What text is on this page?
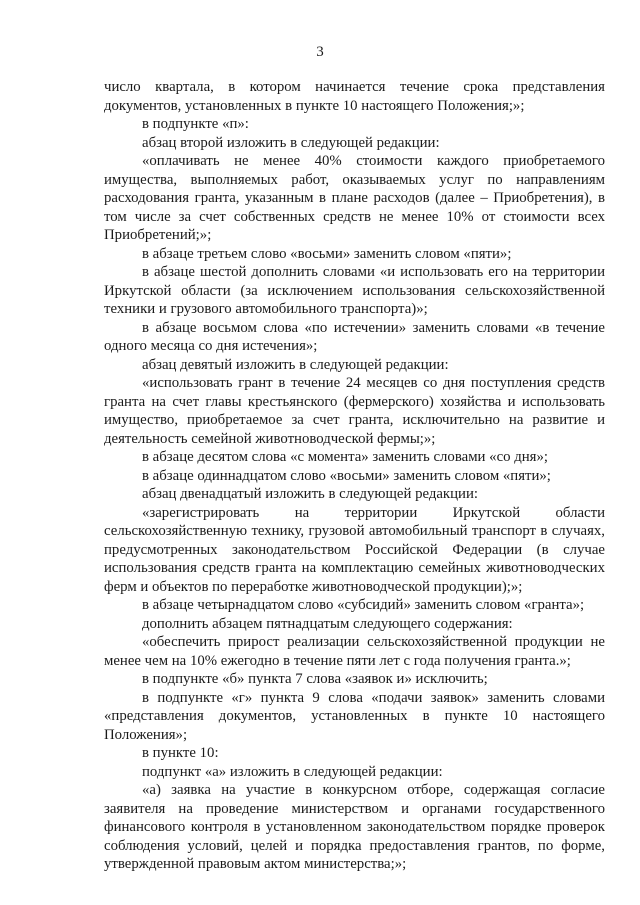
3

число квартала, в котором начинается течение срока представления документов, установленных в пункте 10 настоящего Положения;»;

в подпункте «п»:

абзац второй изложить в следующей редакции:

«оплачивать не менее 40% стоимости каждого приобретаемого имущества, выполняемых работ, оказываемых услуг по направлениям расходования гранта, указанным в плане расходов (далее – Приобретения), в том числе за счет собственных средств не менее 10% от стоимости всех Приобретений;»;

в абзаце третьем слово «восьми» заменить словом «пяти»;

в абзаце шестой дополнить словами «и использовать его на территории Иркутской области (за исключением использования сельскохозяйственной техники и грузового автомобильного транспорта)»;

в абзаце восьмом слова «по истечении» заменить словами «в течение одного месяца со дня истечения»;

абзац девятый изложить в следующей редакции:

«использовать грант в течение 24 месяцев со дня поступления средств гранта на счет главы крестьянского (фермерского) хозяйства и использовать имущество, приобретаемое за счет гранта, исключительно на развитие и деятельность семейной животноводческой фермы;»;

в абзаце десятом слова «с момента» заменить словами «со дня»;

в абзаце одиннадцатом слово «восьми» заменить словом «пяти»;

абзац двенадцатый изложить в следующей редакции:

«зарегистрировать на территории Иркутской области сельскохозяйственную технику, грузовой автомобильный транспорт в случаях, предусмотренных законодательством Российской Федерации (в случае использования средств гранта на комплектацию семейных животноводческих ферм и объектов по переработке животноводческой продукции);»;

в абзаце четырнадцатом слово «субсидий» заменить словом «гранта»;

дополнить абзацем пятнадцатым следующего содержания:

«обеспечить прирост реализации сельскохозяйственной продукции не менее чем на 10% ежегодно в течение пяти лет с года получения гранта.»;

в подпункте «б» пункта 7 слова «заявок и» исключить;

в подпункте «г» пункта 9 слова «подачи заявок» заменить словами «представления документов, установленных в пункте 10 настоящего Положения»;

в пункте 10:

подпункт «а» изложить в следующей редакции:

«а) заявка на участие в конкурсном отборе, содержащая согласие заявителя на проведение министерством и органами государственного финансового контроля в установленном законодательством порядке проверок соблюдения условий, целей и порядка предоставления грантов, по форме, утвержденной правовым актом министерства;»;
